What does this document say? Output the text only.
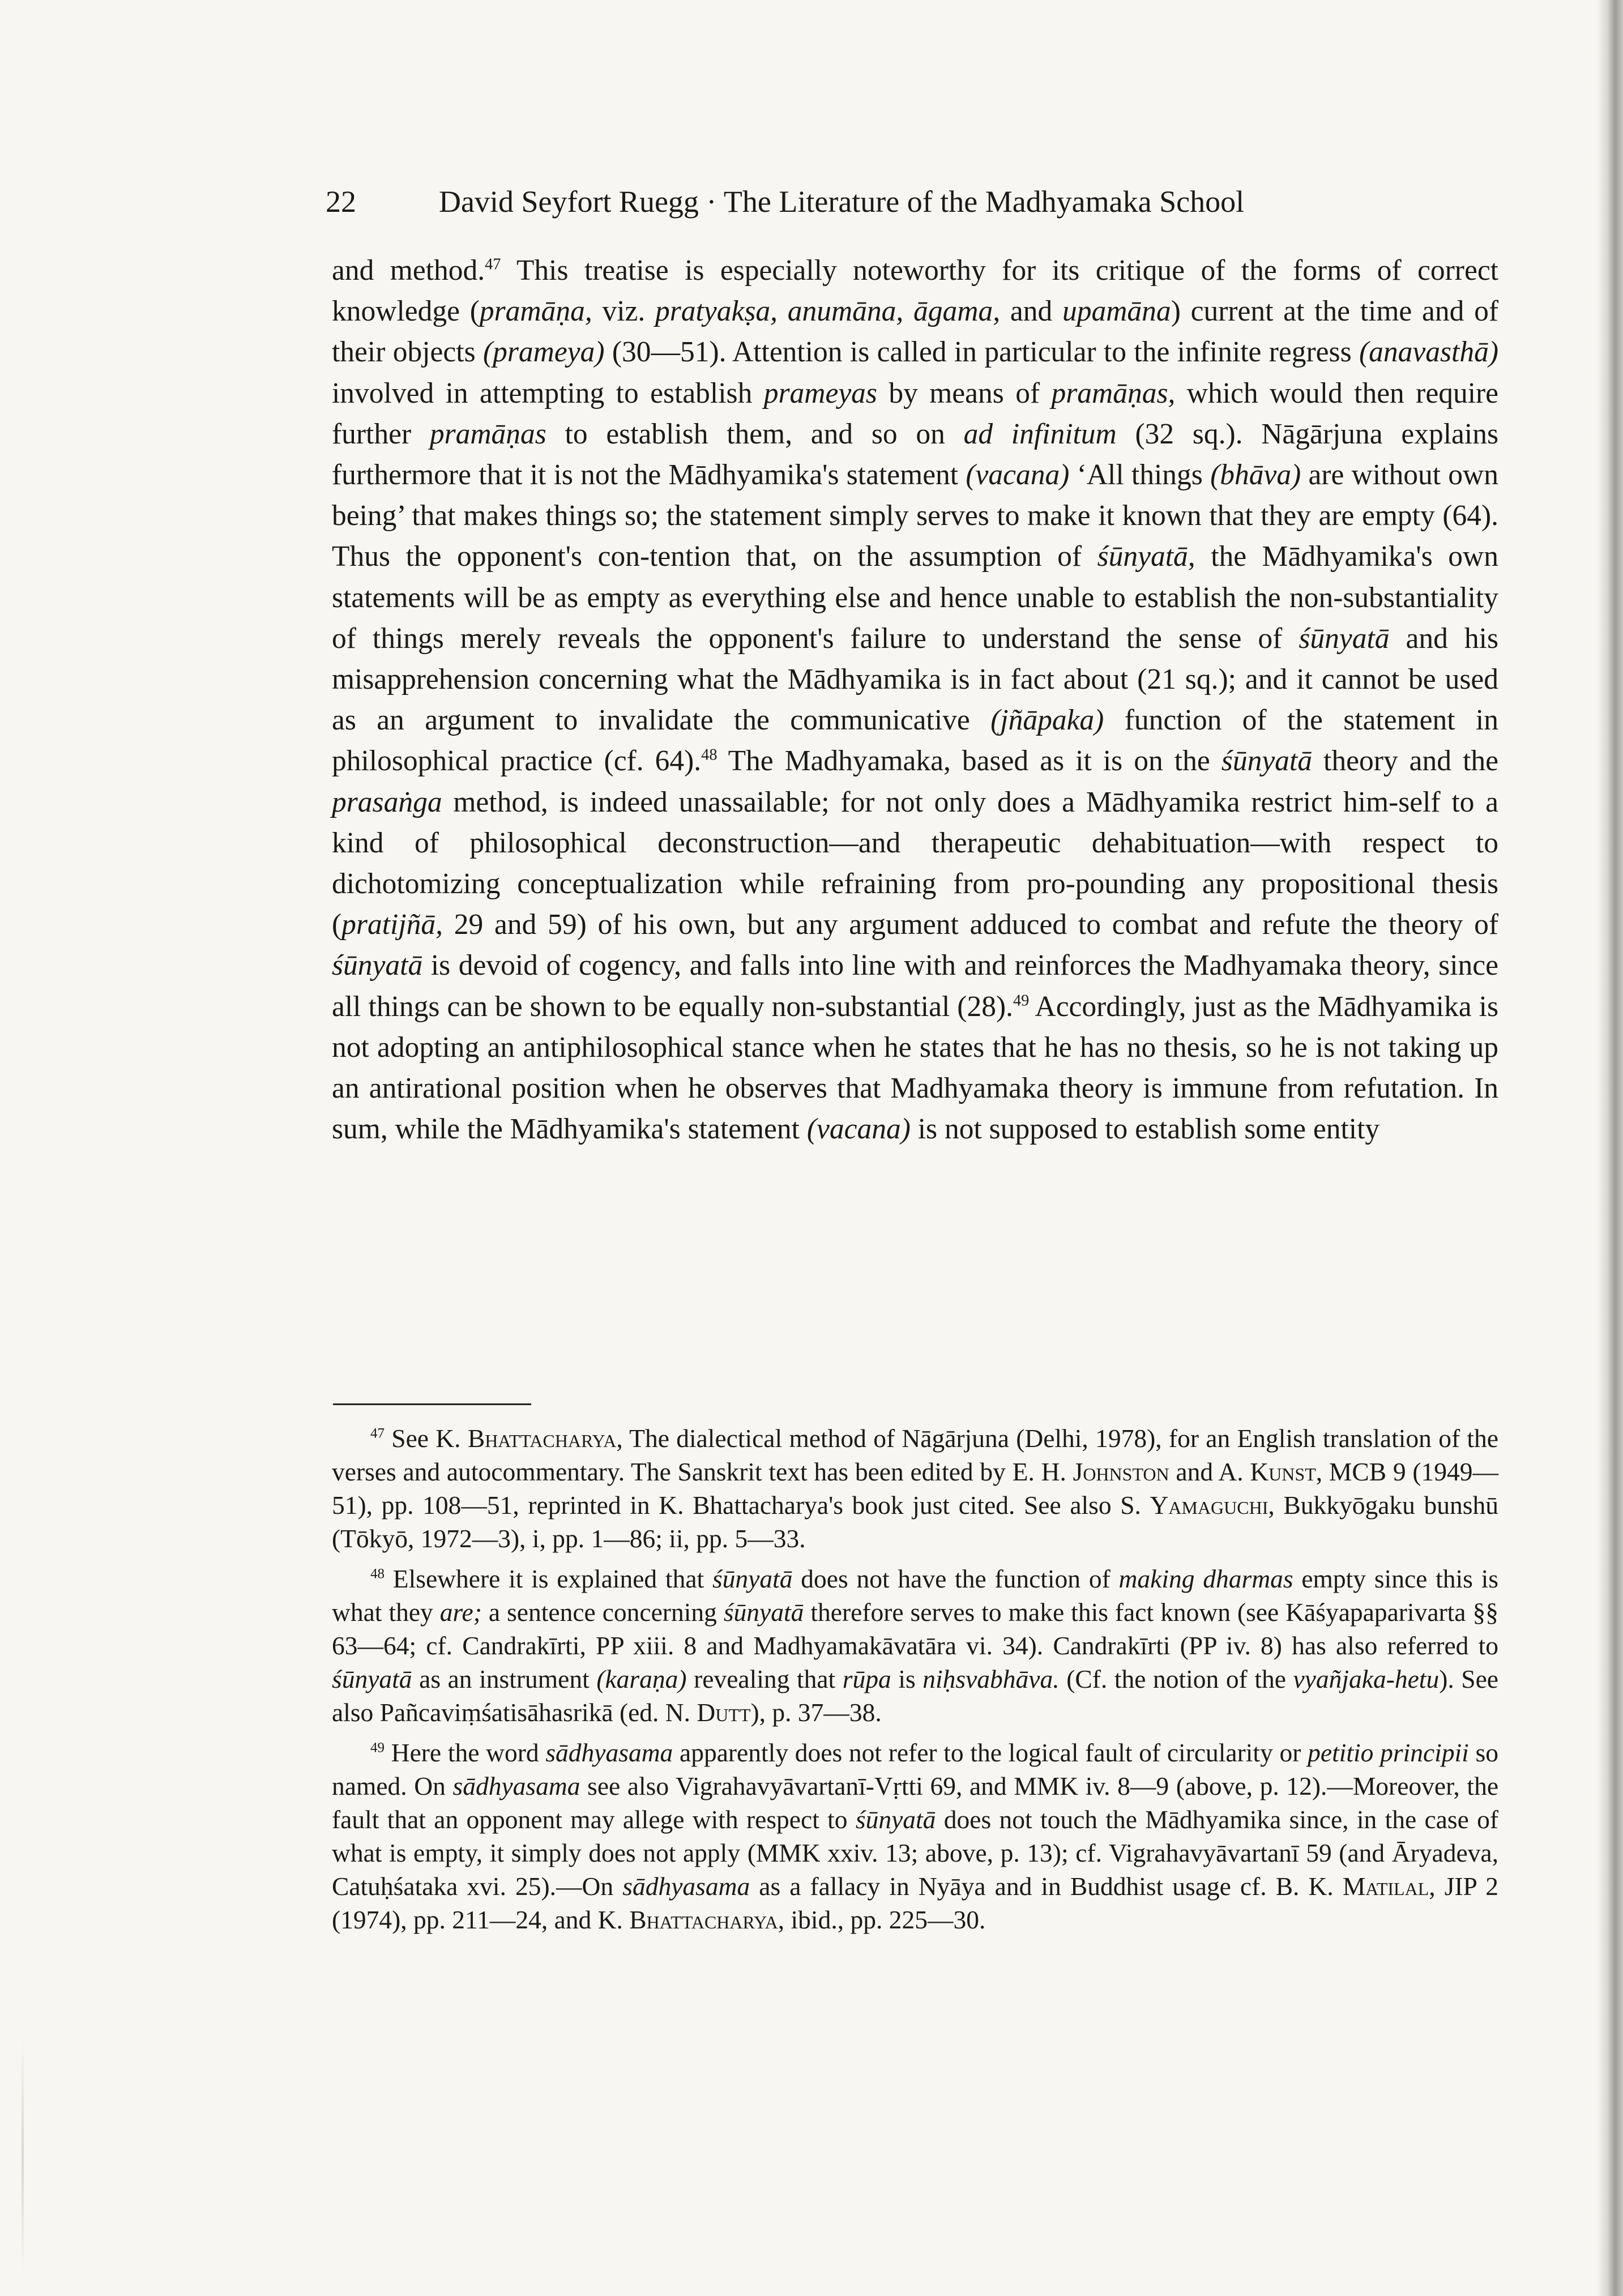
22	David Seyfort Ruegg · The Literature of the Madhyamaka School

and method.$^{47}$ This treatise is especially noteworthy for its critique of the forms of correct knowledge (pramāṇa, viz. pratyakṣa, anumāna, āgama, and upamāna) current at the time and of their objects (prameya) (30—51). Attention is called in particular to the infinite regress (anavasthā) involved in attempting to establish prameyas by means of pramāṇas, which would then require further pramāṇas to establish them, and so on ad infinitum (32 sq.). Nāgārjuna explains furthermore that it is not the Mādhyamika's statement (vacana) ‘All things (bhāva) are without own being’ that makes things so; the statement simply serves to make it known that they are empty (64). Thus the opponent's con-tention that, on the assumption of śūnyatā, the Mādhyamika's own statements will be as empty as everything else and hence unable to establish the non-substantiality of things merely reveals the opponent's failure to understand the sense of śūnyatā and his misapprehension concerning what the Mādhyamika is in fact about (21 sq.); and it cannot be used as an argument to invalidate the communicative (jñāpaka) function of the statement in philosophical practice (cf. 64).$^{48}$ The Madhyamaka, based as it is on the śūnyatā theory and the prasaṅga method, is indeed unassailable; for not only does a Mādhyamika restrict him-self to a kind of philosophical deconstruction—and therapeutic dehabituation—with respect to dichotomizing conceptualization while refraining from pro-pounding any propositional thesis (pratijñā, 29 and 59) of his own, but any argument adduced to combat and refute the theory of śūnyatā is devoid of cogency, and falls into line with and reinforces the Madhyamaka theory, since all things can be shown to be equally non-substantial (28).$^{49}$ Accordingly, just as the Mādhyamika is not adopting an antiphilosophical stance when he states that he has no thesis, so he is not taking up an antirational position when he observes that Madhyamaka theory is immune from refutation. In sum, while the Mādhyamika's statement (vacana) is not supposed to establish some entity

$^{47}$ See K. Bhattacharya, The dialectical method of Nāgārjuna (Delhi, 1978), for an English translation of the verses and autocommentary. The Sanskrit text has been edited by E. H. Johnston and A. Kunst, MCB 9 (1949—51), pp. 108—51, reprinted in K. Bhattacharya's book just cited. See also S. Yamaguchi, Bukkyōgaku bunshū (Tōkyō, 1972—3), i, pp. 1—86; ii, pp. 5—33.

$^{48}$ Elsewhere it is explained that śūnyatā does not have the function of making dharmas empty since this is what they are; a sentence concerning śūnyatā therefore serves to make this fact known (see Kāśyapaparivarta §§ 63—64; cf. Candrakīrti, PP xiii. 8 and Madhyamakāvatāra vi. 34). Candrakīrti (PP iv. 8) has also referred to śūnyatā as an instrument (karaṇa) revealing that rūpa is niḥsvabhāva. (Cf. the notion of the vyañjaka-hetu). See also Pañcaviṃśatisāhasrikā (ed. N. Dutt), p. 37—38.

$^{49}$ Here the word sādhyasama apparently does not refer to the logical fault of circularity or petitio principii so named. On sādhyasama see also Vigrahavyāvartanī-Vṛtti 69, and MMK iv. 8—9 (above, p. 12).—Moreover, the fault that an opponent may allege with respect to śūnyatā does not touch the Mādhyamika since, in the case of what is empty, it simply does not apply (MMK xxiv. 13; above, p. 13); cf. Vigrahavyāvartanī 59 (and Āryadeva, Catuḥśataka xvi. 25).—On sādhyasama as a fallacy in Nyāya and in Buddhist usage cf. B. K. Matilal, JIP 2 (1974), pp. 211—24, and K. Bhattacharya, ibid., pp. 225—30.
